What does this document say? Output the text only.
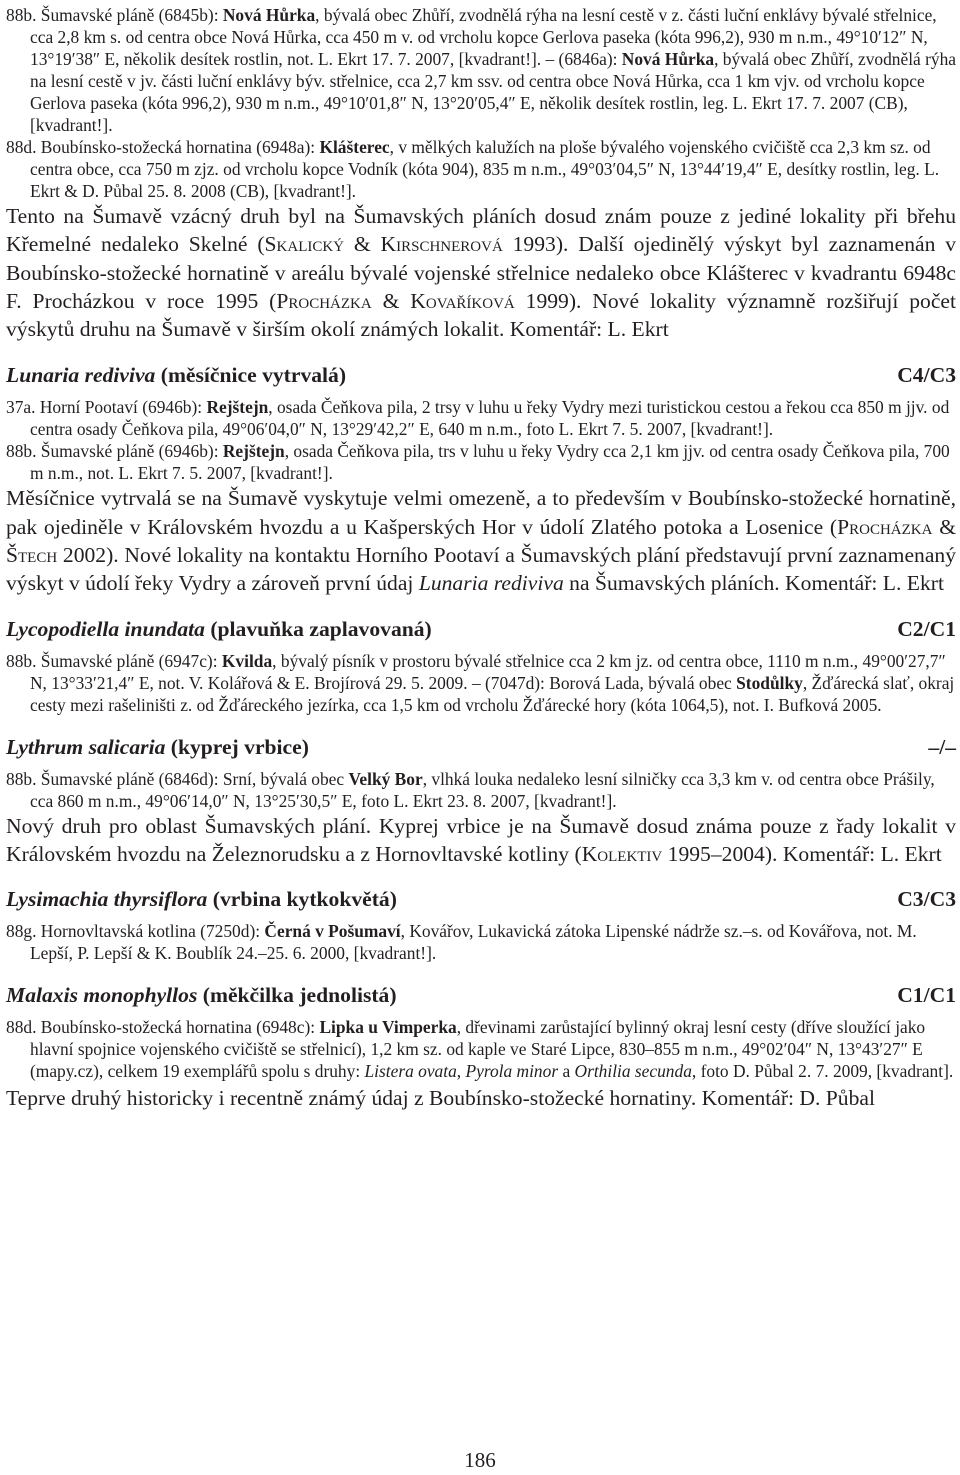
88b. Šumavské pláně (6845b): Nová Hůrka, bývalá obec Zhůří, zvodnělá rýha na lesní cestě v z. části luční enklávy bývalé střelnice, cca 2,8 km s. od centra obce Nová Hůrka, cca 450 m v. od vrcholu kopce Gerlova paseka (kóta 996,2), 930 m n.m., 49°10′12″ N, 13°19′38″ E, několik desítek rostlin, not. L. Ekrt 17. 7. 2007, [kvadrant!]. – (6846a): Nová Hůrka, bývalá obec Zhůří, zvodnělá rýha na lesní cestě v jv. části luční enklávy býv. střelnice, cca 2,7 km ssv. od centra obce Nová Hůrka, cca 1 km vjv. od vrcholu kopce Gerlova paseka (kóta 996,2), 930 m n.m., 49°10′01,8″ N, 13°20′05,4″ E, několik desítek rostlin, leg. L. Ekrt 17. 7. 2007 (CB), [kvadrant!].

88d. Boubínsko-stožecká hornatina (6948a): Klášterec, v mělkých kalužích na ploše bývalého vojenského cvičiště cca 2,3 km sz. od centra obce, cca 750 m zjz. od vrcholu kopce Vodník (kóta 904), 835 m n.m., 49°03′04,5″ N, 13°44′19,4″ E, desítky rostlin, leg. L. Ekrt & D. Půbal 25. 8. 2008 (CB), [kvadrant!].

Tento na Šumavě vzácný druh byl na Šumavských pláních dosud znám pouze z jediné lokality při břehu Křemelné nedaleko Skelné (Skalický & Kirschnerová 1993). Další ojedinělý výskyt byl zaznamenán v Boubínsko-stožecké hornatině v areálu bývalé vojenské střelnice nedaleko obce Klášterec v kvadrantu 6948c F. Procházkou v roce 1995 (Procházka & Kovaříková 1999). Nové lokality významně rozšiřují počet výskytů druhu na Šumavě v širším okolí známých lokalit. Komentář: L. Ekrt

Lunaria rediviva (měsíčnice vytrvalá)	C4/C3

37a. Horní Pootaví (6946b): Rejštejn, osada Čeňkova pila, 2 trsy v luhu u řeky Vydry mezi turistickou cestou a řekou cca 850 m jjv. od centra osady Čeňkova pila, 49°06′04,0″ N, 13°29′42,2″ E, 640 m n.m., foto L. Ekrt 7. 5. 2007, [kvadrant!].

88b. Šumavské pláně (6946b): Rejštejn, osada Čeňkova pila, trs v luhu u řeky Vydry cca 2,1 km jjv. od centra osady Čeňkova pila, 700 m n.m., not. L. Ekrt 7. 5. 2007, [kvadrant!].

Měsíčnice vytrvalá se na Šumavě vyskytuje velmi omezeně, a to především v Boubínsko-stožecké hornatině, pak ojediněle v Královském hvozdu a u Kašperských Hor v údolí Zlatého potoka a Losenice (Procházka & Štech 2002). Nové lokality na kontaktu Horního Pootaví a Šumavských plání představují první zaznamenaný výskyt v údolí řeky Vydry a zároveň první údaj Lunaria rediviva na Šumavských pláních. Komentář: L. Ekrt

Lycopodiella inundata (plavuňka zaplavovaná)	C2/C1

88b. Šumavské pláně (6947c): Kvilda, bývalý písník v prostoru bývalé střelnice cca 2 km jz. od centra obce, 1110 m n.m., 49°00′27,7″ N, 13°33′21,4″ E, not. V. Kolářová & E. Brojírová 29. 5. 2009. – (7047d): Borová Lada, bývalá obec Stodůlky, Žďárecká slať, okraj cesty mezi rašeliništi z. od Žďáreckého jezírka, cca 1,5 km od vrcholu Žďárecké hory (kóta 1064,5), not. I. Bufková 2005.

Lythrum salicaria (kyprej vrbice)	–/–

88b. Šumavské pláně (6846d): Srní, bývalá obec Velký Bor, vlhká louka nedaleko lesní silničky cca 3,3 km v. od centra obce Prášily, cca 860 m n.m., 49°06′14,0″ N, 13°25′30,5″ E, foto L. Ekrt 23. 8. 2007, [kvadrant!].

Nový druh pro oblast Šumavských plání. Kyprej vrbice je na Šumavě dosud známa pouze z řady lokalit v Královském hvozdu na Železnorudsku a z Hornovltavské kotliny (Kolektiv 1995–2004). Komentář: L. Ekrt

Lysimachia thyrsiflora (vrbina kytkokvětá)	C3/C3

88g. Hornovltavská kotlina (7250d): Černá v Pošumaví, Kovářov, Lukavická zátoka Lipenské nádrže sz.–s. od Kovářova, not. M. Lepší, P. Lepší & K. Boublík 24.–25. 6. 2000, [kvadrant!].

Malaxis monophyllos (měkčilka jednolistá)	C1/C1

88d. Boubínsko-stožecká hornatina (6948c): Lipka u Vimperka, dřevinami zarůstající bylinný okraj lesní cesty (dříve sloužící jako hlavní spojnice vojenského cvičiště se střelnicí), 1,2 km sz. od kaple ve Staré Lipce, 830–855 m n.m., 49°02′04″ N, 13°43′27″ E (mapy.cz), celkem 19 exemplářů spolu s druhy: Listera ovata, Pyrola minor a Orthilia secunda, foto D. Půbal 2. 7. 2009, [kvadrant].

Teprve druhý historicky i recentně známý údaj z Boubínsko-stožecké hornatiny. Komentář: D. Půbal

186
